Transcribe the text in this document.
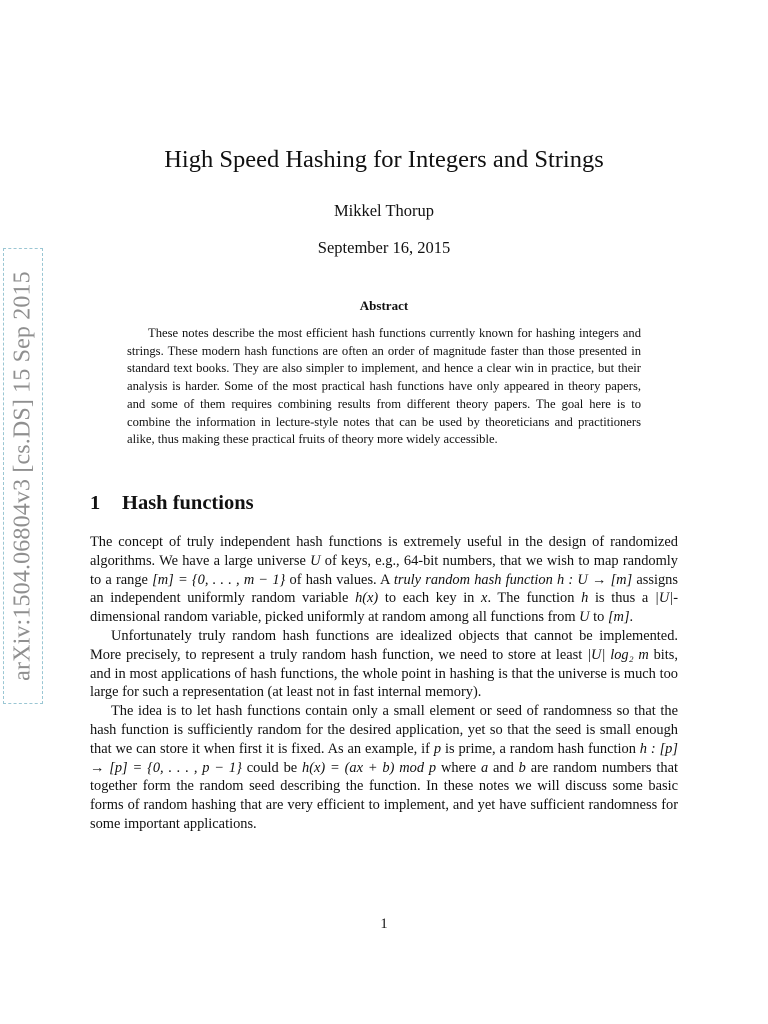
arXiv:1504.06804v3 [cs.DS] 15 Sep 2015
High Speed Hashing for Integers and Strings
Mikkel Thorup
September 16, 2015
Abstract

These notes describe the most efficient hash functions currently known for hashing integers and strings. These modern hash functions are often an order of magnitude faster than those presented in standard text books. They are also simpler to implement, and hence a clear win in practice, but their analysis is harder. Some of the most practical hash functions have only appeared in theory papers, and some of them requires combining results from different theory papers. The goal here is to combine the information in lecture-style notes that can be used by theoreticians and practitioners alike, thus making these practical fruits of theory more widely accessible.

1 Hash functions

The concept of truly independent hash functions is extremely useful in the design of randomized algorithms. We have a large universe U of keys, e.g., 64-bit numbers, that we wish to map randomly to a range [m] = {0, . . . , m − 1} of hash values. A truly random hash function h : U → [m] assigns an independent uniformly random variable h(x) to each key in x. The function h is thus a |U|-dimensional random variable, picked uniformly at random among all functions from U to [m].

Unfortunately truly random hash functions are idealized objects that cannot be implemented. More precisely, to represent a truly random hash function, we need to store at least |U| log₂ m bits, and in most applications of hash functions, the whole point in hashing is that the universe is much too large for such a representation (at least not in fast internal memory).

The idea is to let hash functions contain only a small element or seed of randomness so that the hash function is sufficiently random for the desired application, yet so that the seed is small enough that we can store it when first it is fixed. As an example, if p is prime, a random hash function h : [p] → [p] = {0, . . . , p − 1} could be h(x) = (ax + b) mod p where a and b are random numbers that together form the random seed describing the function. In these notes we will discuss some basic forms of random hashing that are very efficient to implement, and yet have sufficient randomness for some important applications.

1
